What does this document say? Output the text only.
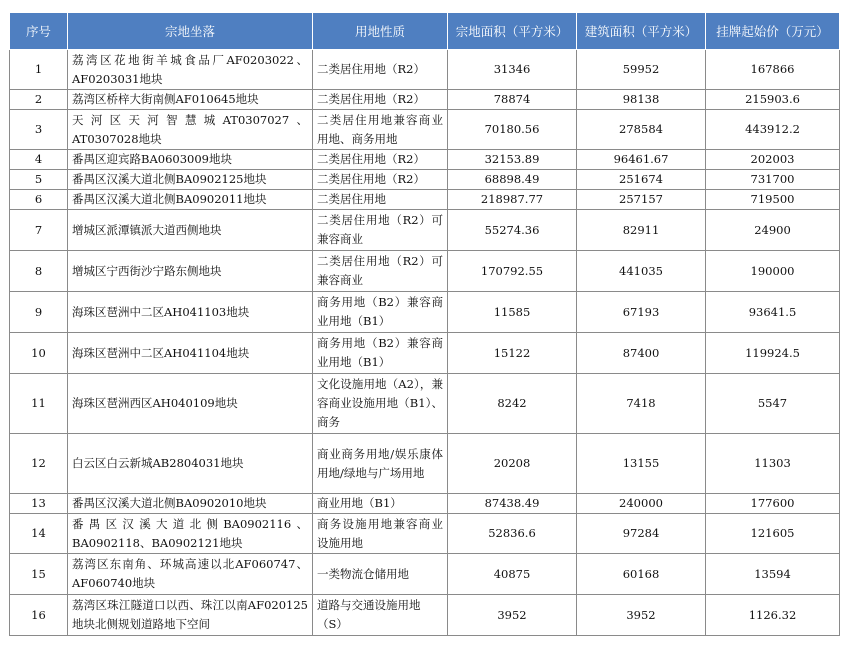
序号	宗地坐落	用地性质	宗地面积（平方米）	建筑面积（平方米）	挂牌起始价（万元）
1	荔湾区花地街羊城食品厂AF0203022、AF0203031地块	二类居住用地（R2）	31346	59952	167866
2	荔湾区桥梓大街南侧AF010645地块	二类居住用地（R2）	78874	98138	215903.6
3	天河区天河智慧城AT0307027、AT0307028地块	二类居住用地兼容商业用地、商务用地	70180.56	278584	443912.2
4	番禺区迎宾路BA0603009地块	二类居住用地（R2）	32153.89	96461.67	202003
5	番禺区汉溪大道北侧BA0902125地块	二类居住用地（R2）	68898.49	251674	731700
6	番禺区汉溪大道北侧BA0902011地块	二类居住用地	218987.77	257157	719500
7	增城区派潭镇派大道西侧地块	二类居住用地（R2）可兼容商业	55274.36	82911	24900
8	增城区宁西街沙宁路东侧地块	二类居住用地（R2）可兼容商业	170792.55	441035	190000
9	海珠区琶洲中二区AH041103地块	商务用地（B2）兼容商业用地（B1）	11585	67193	93641.5
10	海珠区琶洲中二区AH041104地块	商务用地（B2）兼容商业用地（B1）	15122	87400	119924.5
11	海珠区琶洲西区AH040109地块	文化设施用地（A2），兼容商业设施用地（B1）、商务	8242	7418	5547
12	白云区白云新城AB2804031地块	商业商务用地/娱乐康体用地/绿地与广场用地	20208	13155	11303
13	番禺区汉溪大道北侧BA0902010地块	商业用地（B1）	87438.49	240000	177600
14	番禺区汉溪大道北侧BA0902116、BA0902118、BA0902121地块	商务设施用地兼容商业设施用地	52836.6	97284	121605
15	荔湾区东南角、环城高速以北AF060747、AF060740地块	一类物流仓储用地	40875	60168	13594
16	荔湾区珠江隧道口以西、珠江以南AF020125地块北侧规划道路地下空间	道路与交通设施用地（S）	3952	3952	1126.32
